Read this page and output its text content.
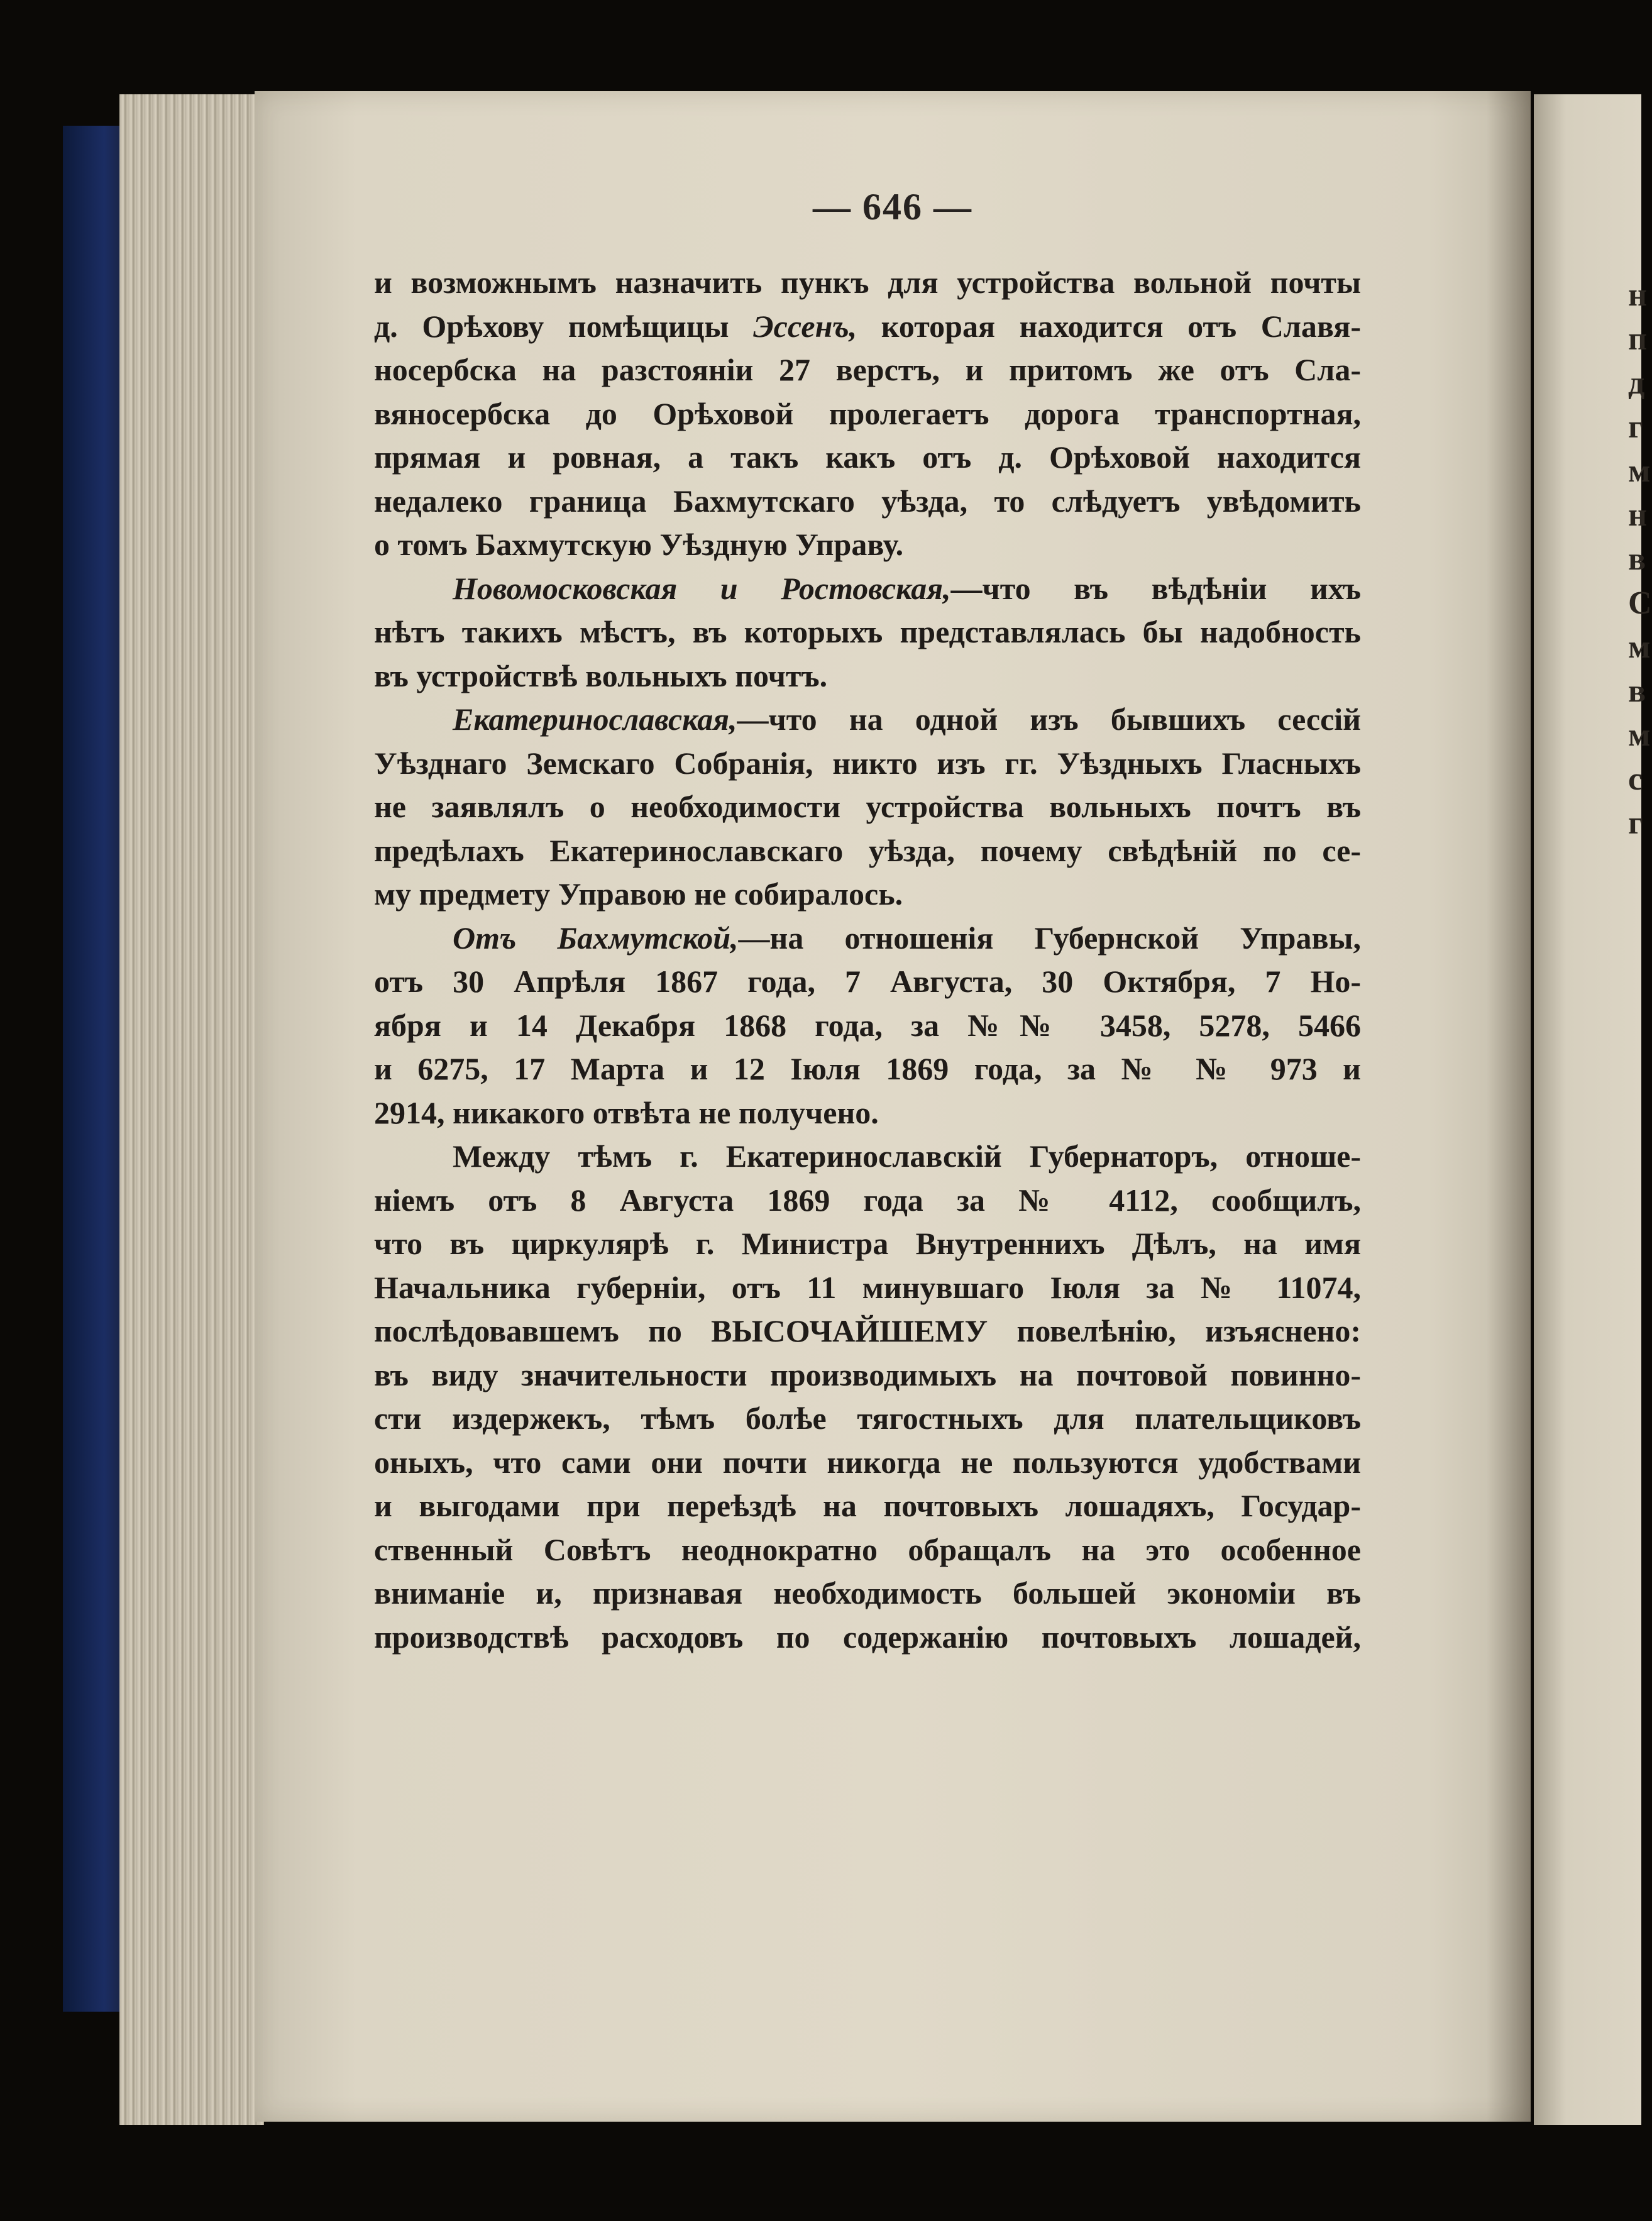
— 646 —
и возможнымъ назначить пункъ для устройства вольной почты
д. Орѣхову помѣщицы Эссенъ, которая находится отъ Славя-
носербска на разстояніи 27 верстъ, и притомъ же отъ Сла-
вяносербска до Орѣховой пролегаетъ дорога транспортная,
прямая и ровная, а такъ какъ отъ д. Орѣховой находится
недалеко граница Бахмутскаго уѣзда, то слѣдуетъ увѣдомить
о томъ Бахмутскую Уѣздную Управу.
Новомосковская и Ростовская,—что въ вѣдѣніи ихъ
нѣтъ такихъ мѣстъ, въ которыхъ представлялась бы надобность
въ устройствѣ вольныхъ почтъ.
Екатеринославская,—что на одной изъ бывшихъ сессій
Уѣзднаго Земскаго Собранія, никто изъ гг. Уѣздныхъ Гласныхъ
не заявлялъ о необходимости устройства вольныхъ почтъ въ
предѣлахъ Екатеринославскаго уѣзда, почему свѣдѣній по се-
му предмету Управою не собиралось.
Отъ Бахмутской,—на отношенія Губернской Управы,
отъ 30 Апрѣля 1867 года, 7 Августа, 30 Октября, 7 Но-
ября и 14 Декабря 1868 года, за №№ 3458, 5278, 5466
и 6275, 17 Марта и 12 Іюля 1869 года, за № № 973 и
2914, никакого отвѣта не получено.
Между тѣмъ г. Екатеринославскій Губернаторъ, отноше-
ніемъ отъ 8 Августа 1869 года за № 4112, сообщилъ,
что въ циркулярѣ г. Министра Внутреннихъ Дѣлъ, на имя
Начальника губерніи, отъ 11 минувшаго Іюля за № 11074,
послѣдовавшемъ по ВЫСОЧАЙШЕМУ повелѣнію, изъяснено:
въ виду значительности производимыхъ на почтовой повинно-
сти издержекъ, тѣмъ болѣе тягостныхъ для плательщиковъ
оныхъ, что сами они почти никогда не пользуются удобствами
и выгодами при переѣздѣ на почтовыхъ лошадяхъ, Государ-
ственный Совѣтъ неоднократно обращалъ на это особенное
вниманіе и, признавая необходимость большей экономіи въ
производствѣ расходовъ по содержанію почтовыхъ лошадей,
н
п
д
г
м
н
в
С
м
в
м
с
г
